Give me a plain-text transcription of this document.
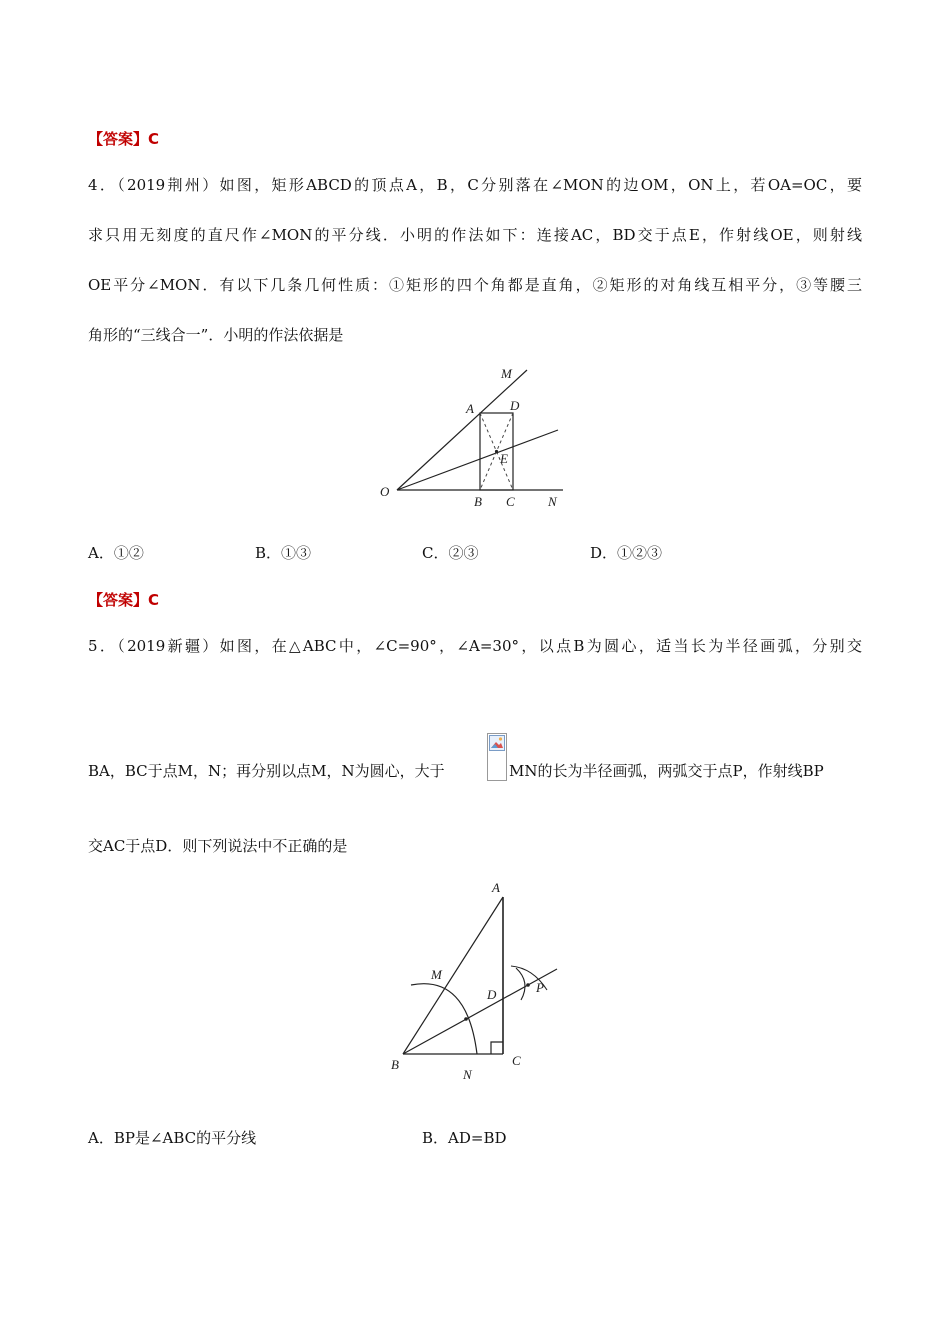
【答案】C
4．（2019荆州）如图，矩形ABCD的顶点A，B，C分别落在∠MON的边OM，ON上，若OA=OC，要
求只用无刻度的直尺作∠MON的平分线．小明的作法如下：连接AC，BD交于点E，作射线OE，则射线
OE平分∠MON．有以下几条几何性质：①矩形的四个角都是直角，②矩形的对角线互相平分，③等腰三
角形的“三线合一”．小明的作法依据是
O
M
N
A
B C
D
E
A．①②	B．①③	C．②③	D．①②③
【答案】C
5．（2019新疆）如图，在△ABC中，∠C=90°，∠A=30°，以点B为圆心，适当长为半径画弧，分别交
BA，BC于点M，N；再分别以点M，N为圆心，大于	MN的长为半径画弧，两弧交于点P，作射线BP
交AC于点D．则下列说法中不正确的是
A
B	C
D
M
N
P
A．BP是∠ABC的平分线	B．AD=BD
